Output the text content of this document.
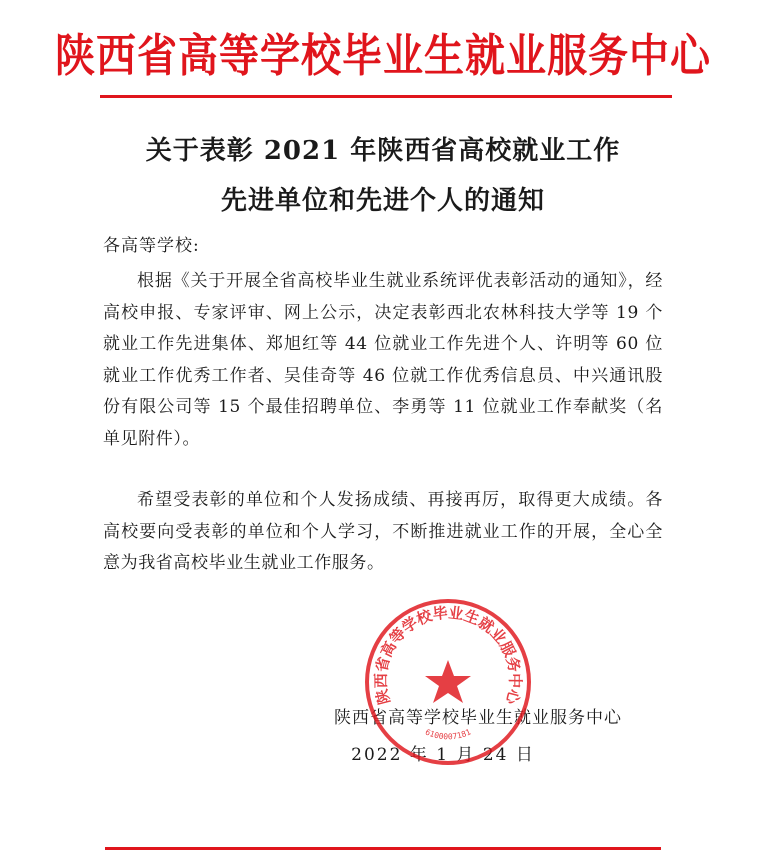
陕西省高等学校毕业生就业服务中心
关于表彰 2021 年陕西省高校就业工作
先进单位和先进个人的通知
各高等学校:
根据《关于开展全省高校毕业生就业系统评优表彰活动的通知》，经高校申报、专家评审、网上公示，决定表彰西北农林科技大学等 19 个就业工作先进集体、郑旭红等 44 位就业工作先进个人、许明等 60 位就业工作优秀工作者、吴佳奇等 46 位就工作优秀信息员、中兴通讯股份有限公司等 15 个最佳招聘单位、李勇等 11 位就业工作奉献奖（名单见附件）。
希望受表彰的单位和个人发扬成绩、再接再厉，取得更大成绩。各高校要向受表彰的单位和个人学习，不断推进就业工作的开展，全心全意为我省高校毕业生就业工作服务。
陕西省高等学校毕业生就业服务中心
2022 年 1 月 24 日
陕西省高等学校毕业生就业服务中心
6100007181
